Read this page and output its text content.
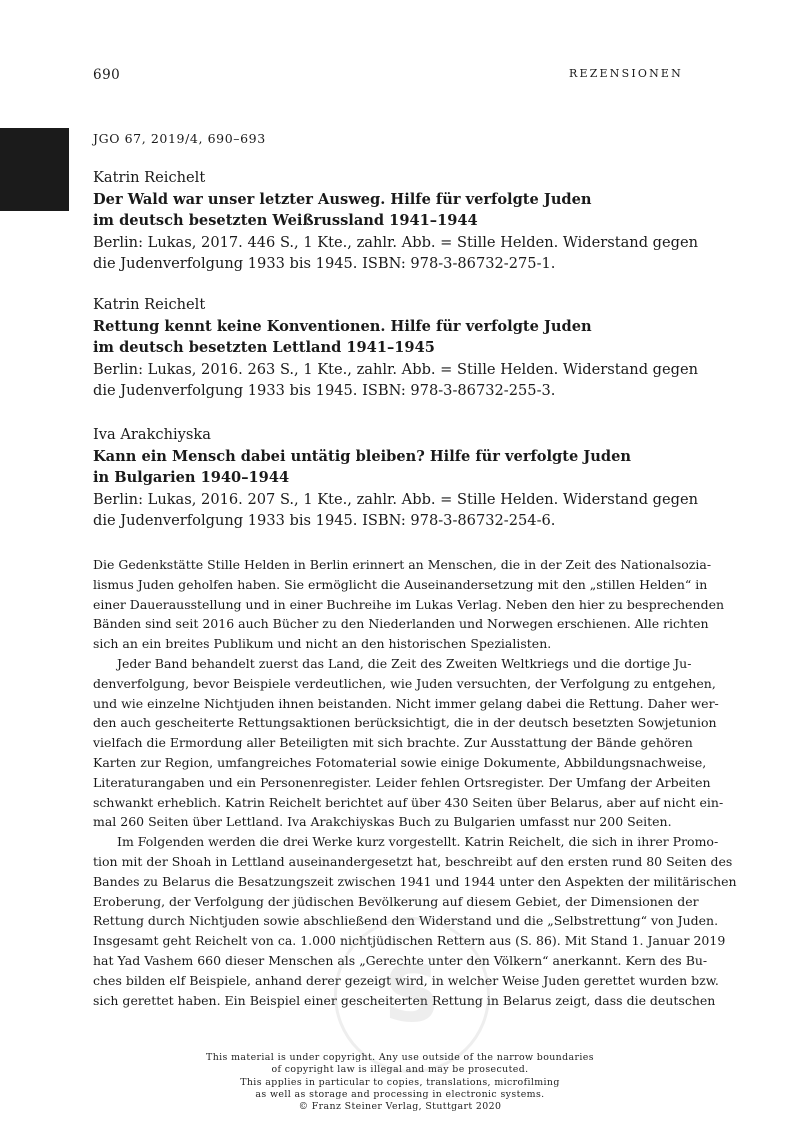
690	REZENSIONEN
JGO 67, 2019/4, 690–693
Katrin Reichelt
Der Wald war unser letzter Ausweg. Hilfe für verfolgte Juden
im deutsch besetzten Weißrussland 1941–1944
Berlin: Lukas, 2017. 446 S., 1 Kte., zahlr. Abb. = Stille Helden. Widerstand gegen
die Judenverfolgung 1933 bis 1945. ISBN: 978-3-86732-275-1.
Katrin Reichelt
Rettung kennt keine Konventionen. Hilfe für verfolgte Juden
im deutsch besetzten Lettland 1941–1945
Berlin: Lukas, 2016. 263 S., 1 Kte., zahlr. Abb. = Stille Helden. Widerstand gegen
die Judenverfolgung 1933 bis 1945. ISBN: 978-3-86732-255-3.
Iva Arakchiyska
Kann ein Mensch dabei untätig bleiben? Hilfe für verfolgte Juden
in Bulgarien 1940–1944
Berlin: Lukas, 2016. 207 S., 1 Kte., zahlr. Abb. = Stille Helden. Widerstand gegen
die Judenverfolgung 1933 bis 1945. ISBN: 978-3-86732-254-6.
Die Gedenkstätte Stille Helden in Berlin erinnert an Menschen, die in der Zeit des Nationalsozia-
lismus Juden geholfen haben. Sie ermöglicht die Auseinandersetzung mit den „stillen Helden“ in
einer Dauerausstellung und in einer Buchreihe im Lukas Verlag. Neben den hier zu besprechenden
Bänden sind seit 2016 auch Bücher zu den Niederlanden und Norwegen erschienen. Alle richten
sich an ein breites Publikum und nicht an den historischen Spezialisten.
Jeder Band behandelt zuerst das Land, die Zeit des Zweiten Weltkriegs und die dortige Ju-
denverfolgung, bevor Beispiele verdeutlichen, wie Juden versuchten, der Verfolgung zu entgehen,
und wie einzelne Nichtjuden ihnen beistanden. Nicht immer gelang dabei die Rettung. Daher wer-
den auch gescheiterte Rettungsaktionen berücksichtigt, die in der deutsch besetzten Sowjetunion
vielfach die Ermordung aller Beteiligten mit sich brachte. Zur Ausstattung der Bände gehören
Karten zur Region, umfangreiches Fotomaterial sowie einige Dokumente, Abbildungsnachweise,
Literaturangaben und ein Personenregister. Leider fehlen Ortsregister. Der Umfang der Arbeiten
schwankt erheblich. Katrin Reichelt berichtet auf über 430 Seiten über Belarus, aber auf nicht ein-
mal 260 Seiten über Lettland. Iva Arakchiyskas Buch zu Bulgarien umfasst nur 200 Seiten.
Im Folgenden werden die drei Werke kurz vorgestellt. Katrin Reichelt, die sich in ihrer Promo-
tion mit der Shoah in Lettland auseinandergesetzt hat, beschreibt auf den ersten rund 80 Seiten des
Bandes zu Belarus die Besatzungszeit zwischen 1941 und 1944 unter den Aspekten der militärischen
Eroberung, der Verfolgung der jüdischen Bevölkerung auf diesem Gebiet, der Dimensionen der
Rettung durch Nichtjuden sowie abschließend den Widerstand und die „Selbstrettung“ von Juden.
Insgesamt geht Reichelt von ca. 1.000 nichtjüdischen Rettern aus (S. 86). Mit Stand 1. Januar 2019
hat Yad Vashem 660 dieser Menschen als „Gerechte unter den Völkern“ anerkannt. Kern des Bu-
ches bilden elf Beispiele, anhand derer gezeigt wird, in welcher Weise Juden gerettet wurden bzw.
sich gerettet haben. Ein Beispiel einer gescheiterten Rettung in Belarus zeigt, dass die deutschen
S
This material is under copyright. Any use outside of the narrow boundaries
of copyright law is illegal and may be prosecuted.
This applies in particular to copies, translations, microfilming
as well as storage and processing in electronic systems.
© Franz Steiner Verlag, Stuttgart 2020
